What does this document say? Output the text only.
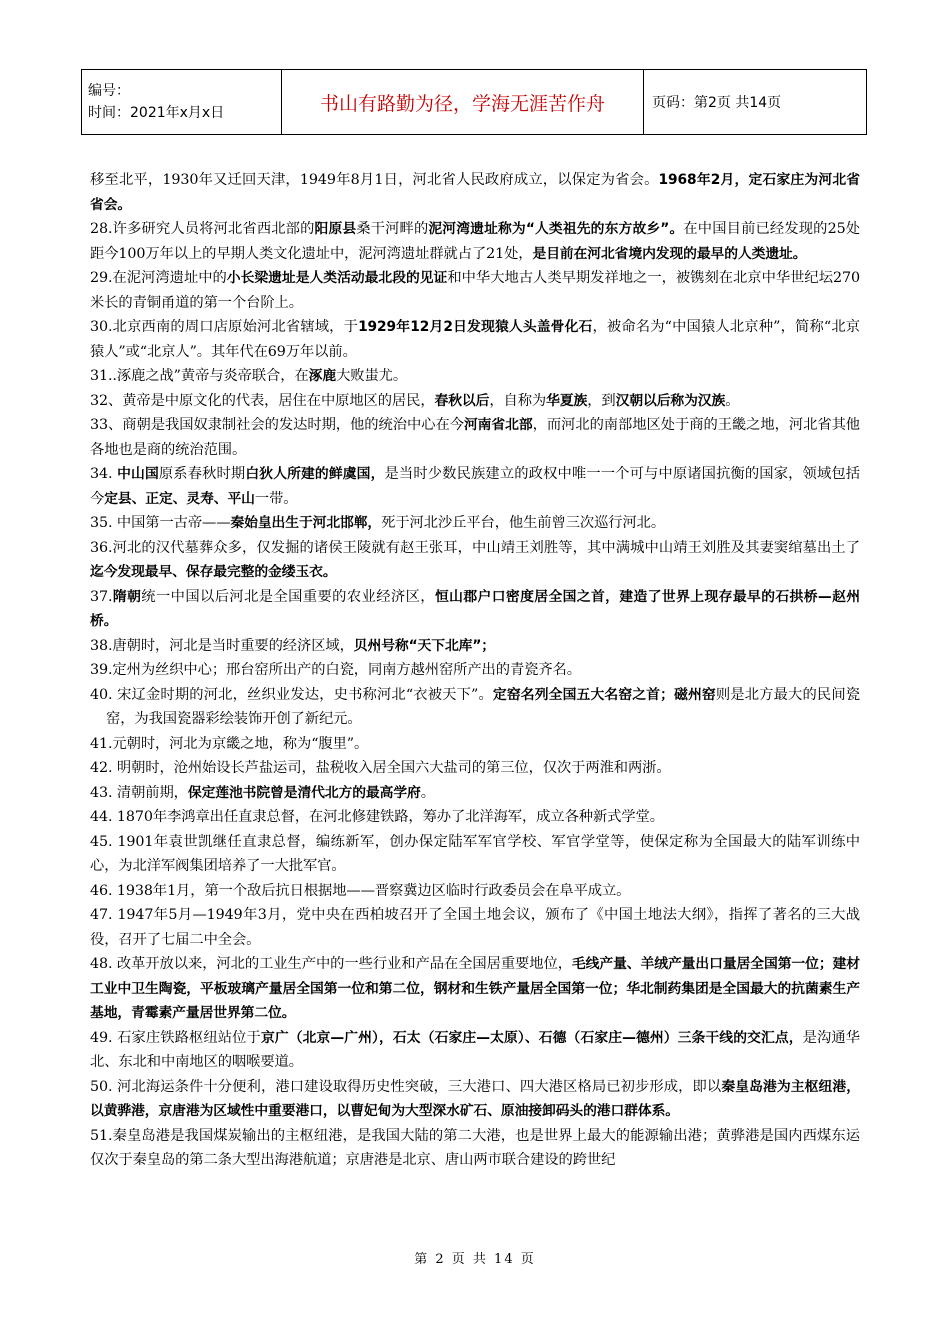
编号：
时间：2021年x月x日	书山有路勤为径，学海无涯苦作舟	页码：第2页 共14页

移至北平，1930年又迁回天津，1949年8月1日，河北省人民政府成立，以保定为省会。1968年2月，定石家庄为河北省省会。

28.许多研究人员将河北省西北部的阳原县桑干河畔的泥河湾遗址称为“人类祖先的东方故乡”。在中国目前已经发现的25处距今100万年以上的早期人类文化遗址中，泥河湾遗址群就占了21处，是目前在河北省境内发现的最早的人类遗址。

29.在泥河湾遗址中的小长梁遗址是人类活动最北段的见证和中华大地古人类早期发祥地之一，被镌刻在北京中华世纪坛270米长的青铜甬道的第一个台阶上。

30.北京西南的周口店原始河北省辖域，于1929年12月2日发现猿人头盖骨化石，被命名为“中国猿人北京种”，简称“北京猿人”或“北京人”。其年代在69万年以前。

31..涿鹿之战”黄帝与炎帝联合，在涿鹿大败蚩尤。

32、黄帝是中原文化的代表，居住在中原地区的居民，春秋以后，自称为华夏族，到汉朝以后称为汉族。

33、商朝是我国奴隶制社会的发达时期，他的统治中心在今河南省北部，而河北的南部地区处于商的王畿之地，河北省其他各地也是商的统治范围。

34. 中山国原系春秋时期白狄人所建的鲜虞国，是当时少数民族建立的政权中唯一一个可与中原诸国抗衡的国家，领域包括今定县、正定、灵寿、平山一带。

35. 中国第一古帝——秦始皇出生于河北邯郸，死于河北沙丘平台，他生前曾三次巡行河北。

36.河北的汉代墓葬众多，仅发掘的诸侯王陵就有赵王张耳，中山靖王刘胜等，其中满城中山靖王刘胜及其妻窦绾墓出土了迄今发现最早、保存最完整的金缕玉衣。

37.隋朝统一中国以后河北是全国重要的农业经济区，恒山郡户口密度居全国之首，建造了世界上现存最早的石拱桥—赵州桥。

38.唐朝时，河北是当时重要的经济区域，贝州号称“天下北库”；

39.定州为丝织中心；邢台窑所出产的白瓷，同南方越州窑所产出的青瓷齐名。

40. 宋辽金时期的河北，丝织业发达，史书称河北“衣被天下”。定窑名列全国五大名窑之首；磁州窑则是北方最大的民间瓷窑，为我国瓷器彩绘装饰开创了新纪元。

41.元朝时，河北为京畿之地，称为“腹里”。

42. 明朝时，沧州始设长芦盐运司，盐税收入居全国六大盐司的第三位，仅次于两淮和两浙。

43. 清朝前期，保定莲池书院曾是清代北方的最高学府。

44. 1870年李鸿章出任直隶总督，在河北修建铁路，筹办了北洋海军，成立各种新式学堂。

45. 1901年袁世凯继任直隶总督，编练新军，创办保定陆军军官学校、军官学堂等，使保定称为全国最大的陆军训练中心，为北洋军阀集团培养了一大批军官。

46. 1938年1月，第一个敌后抗日根据地——晋察冀边区临时行政委员会在阜平成立。

47. 1947年5月—1949年3月，党中央在西柏坡召开了全国土地会议，颁布了《中国土地法大纲》，指挥了著名的三大战役，召开了七届二中全会。

48. 改革开放以来，河北的工业生产中的一些行业和产品在全国居重要地位，毛线产量、羊绒产量出口量居全国第一位；建材工业中卫生陶瓷，平板玻璃产量居全国第一位和第二位，钢材和生铁产量居全国第一位；华北制药集团是全国最大的抗菌素生产基地，青霉素产量居世界第二位。

49. 石家庄铁路枢纽站位于京广（北京—广州），石太（石家庄—太原）、石德（石家庄—德州）三条干线的交汇点，是沟通华北、东北和中南地区的咽喉要道。

50. 河北海运条件十分便利，港口建设取得历史性突破，三大港口、四大港区格局已初步形成，即以秦皇岛港为主枢纽港，以黄骅港，京唐港为区域性中重要港口，以曹妃甸为大型深水矿石、原油接卸码头的港口群体系。

51.秦皇岛港是我国煤炭输出的主枢纽港，是我国大陆的第二大港，也是世界上最大的能源输出港；黄骅港是国内西煤东运仅次于秦皇岛的第二条大型出海港航道；京唐港是北京、唐山两市联合建设的跨世纪

第 2 页 共 14 页
